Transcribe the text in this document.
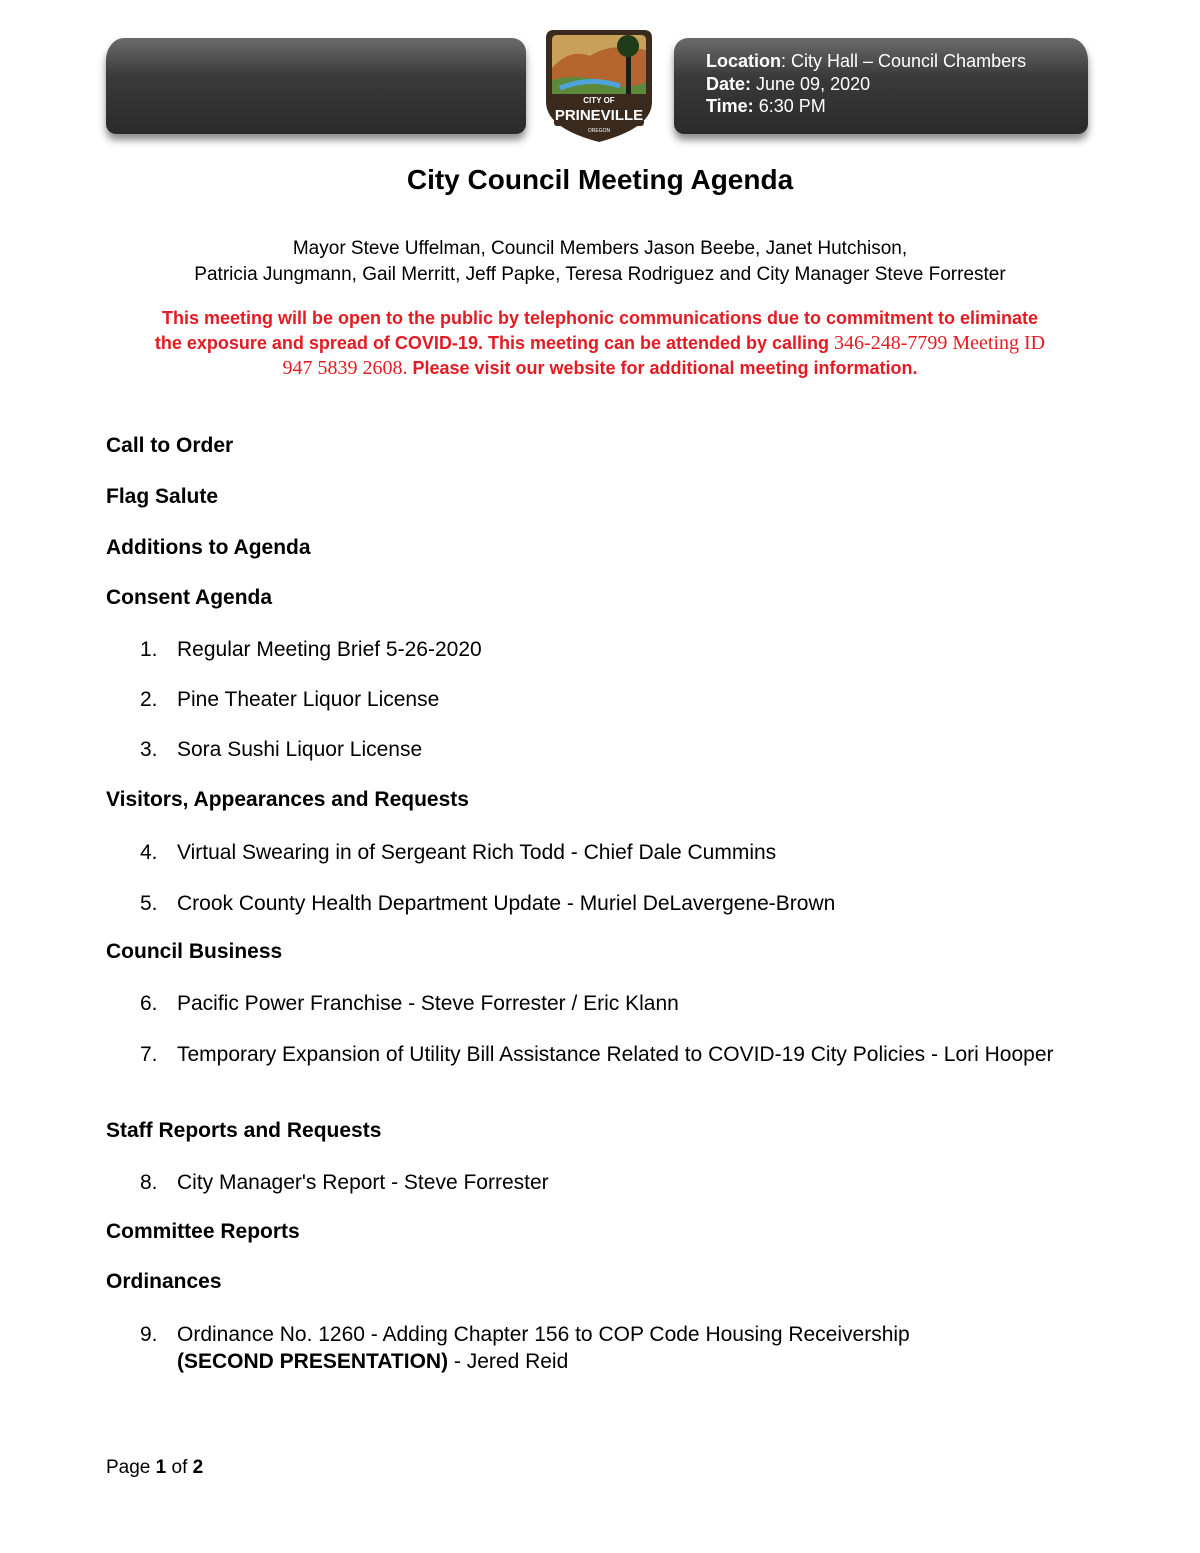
CITY OF
PRINEVILLE
OREGON
Location: City Hall – Council Chambers
Date: June 09, 2020
Time: 6:30 PM
City Council Meeting Agenda
Mayor Steve Uffelman, Council Members Jason Beebe, Janet Hutchison,
Patricia Jungmann, Gail Merritt, Jeff Papke, Teresa Rodriguez and City Manager Steve Forrester
This meeting will be open to the public by telephonic communications due to commitment to eliminate
the exposure and spread of COVID-19. This meeting can be attended by calling 346-248-7799 Meeting ID
947 5839 2608. Please visit our website for additional meeting information.
Call to Order
Flag Salute
Additions to Agenda
Consent Agenda
1. Regular Meeting Brief 5-26-2020
2. Pine Theater Liquor License
3. Sora Sushi Liquor License
Visitors, Appearances and Requests
4. Virtual Swearing in of Sergeant Rich Todd - Chief Dale Cummins
5. Crook County Health Department Update - Muriel DeLavergene-Brown
Council Business
6. Pacific Power Franchise - Steve Forrester / Eric Klann
7. Temporary Expansion of Utility Bill Assistance Related to COVID-19 City Policies - Lori Hooper
Staff Reports and Requests
8. City Manager's Report - Steve Forrester
Committee Reports
Ordinances
9. Ordinance No. 1260 - Adding Chapter 156 to COP Code Housing Receivership
(SECOND PRESENTATION) - Jered Reid
Page 1 of 2
